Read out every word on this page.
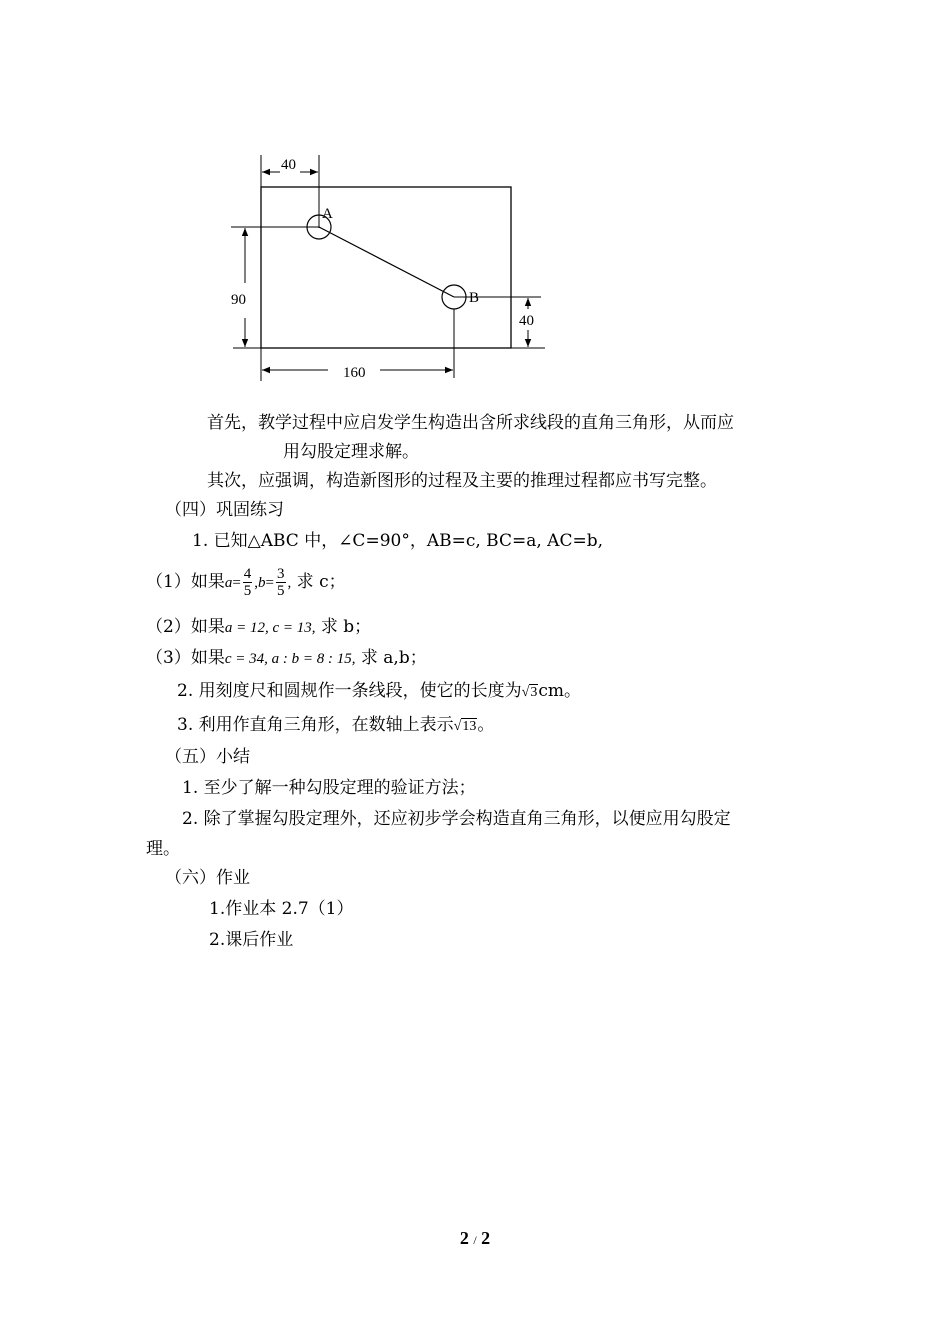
40
A
B
90
40
160
首先，教学过程中应启发学生构造出含所求线段的直角三角形，从而应
用勾股定理求解。
其次，应强调，构造新图形的过程及主要的推理过程都应书写完整。
（四）巩固练习
1. 已知△ABC 中，∠C=90°，AB=c, BC=a, AC=b,
（1）如果$a= \frac{4}{5} ,b= \frac{3}{5}$ , 求 c；
（2）如果a = 12, c = 13, 求 b；
（3）如果c = 34, a : b = 8 : 15, 求 a,b；
2. 用刻度尺和圆规作一条线段，使它的长度为√3cm。
3. 利用作直角三角形，在数轴上表示√13。
（五）小结
1. 至少了解一种勾股定理的验证方法；
2. 除了掌握勾股定理外，还应初步学会构造直角三角形，以便应用勾股定
理。
（六）作业
1.作业本 2.7（1）
2.课后作业
2 / 2
